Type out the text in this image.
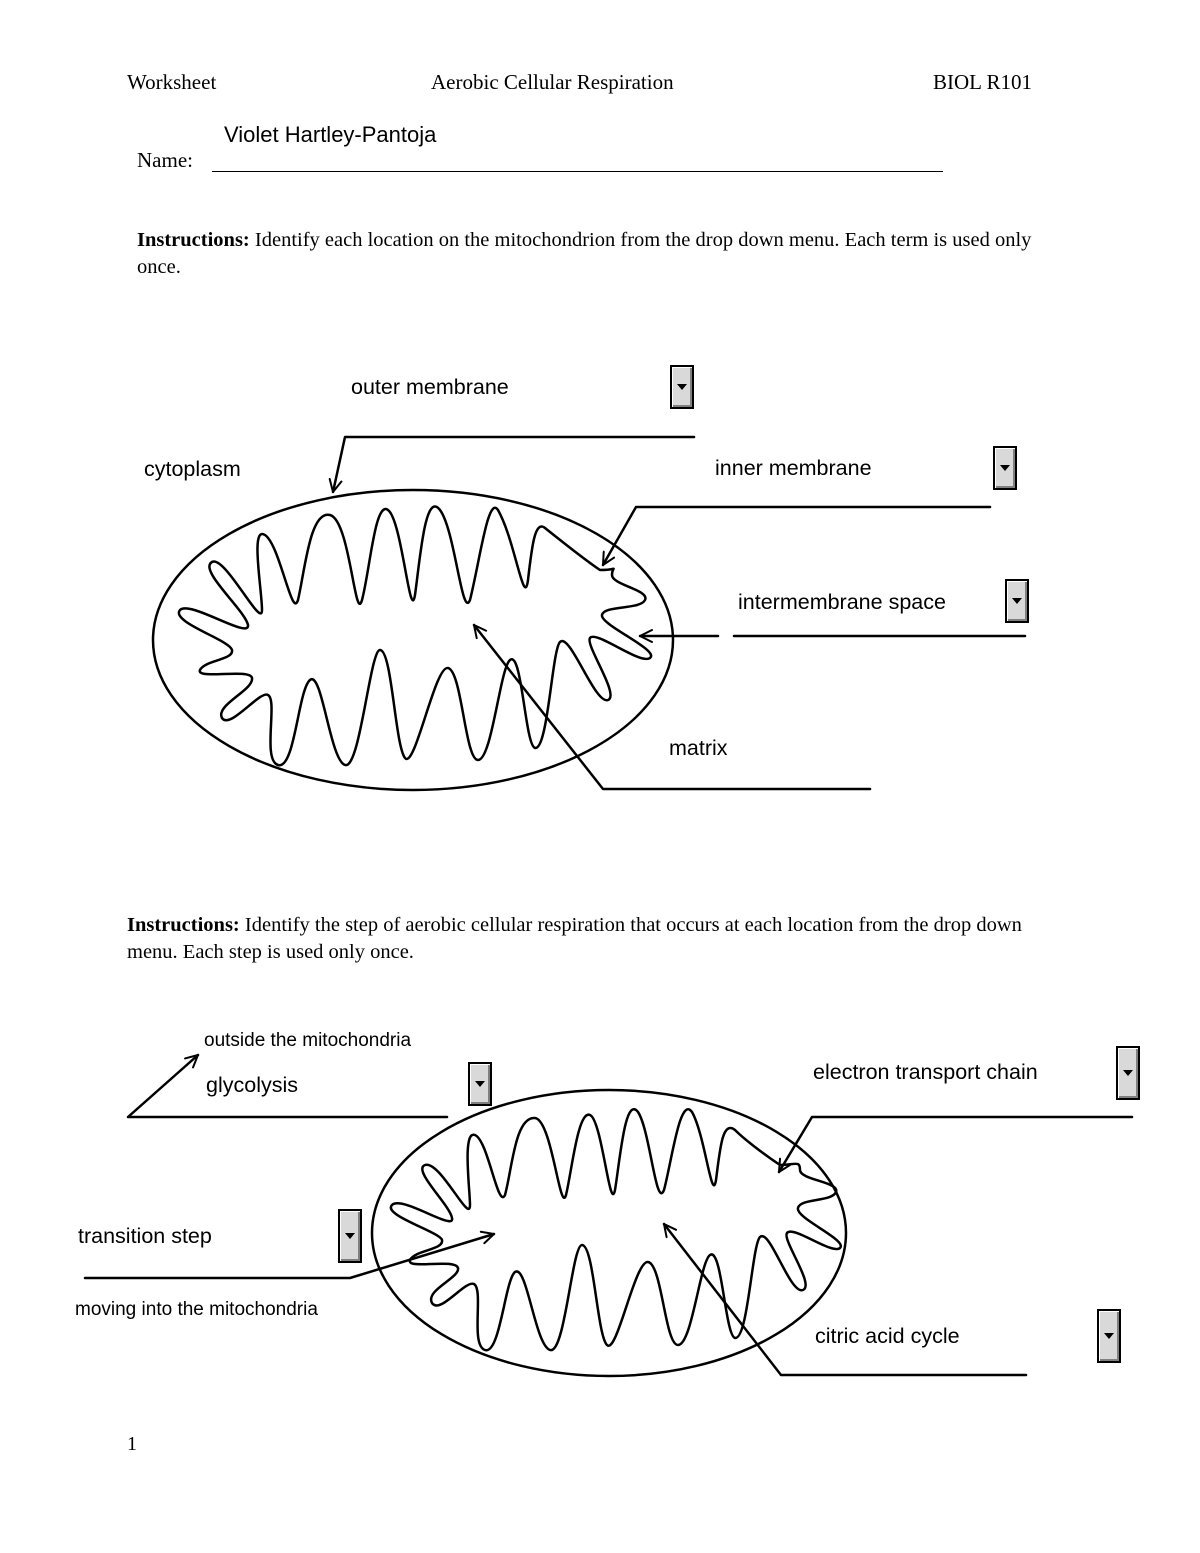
Worksheet	Aerobic Cellular Respiration	BIOL R101
Violet Hartley-Pantoja
Name:
Instructions: Identify each location on the mitochondrion from the drop down menu. Each term is used only once.
outer membrane
cytoplasm	inner membrane
intermembrane space
matrix
Instructions: Identify the step of aerobic cellular respiration that occurs at each location from the drop down menu. Each step is used only once.
outside the mitochondria
glycolysis
electron transport chain
transition step
moving into the mitochondria
citric acid cycle
1
